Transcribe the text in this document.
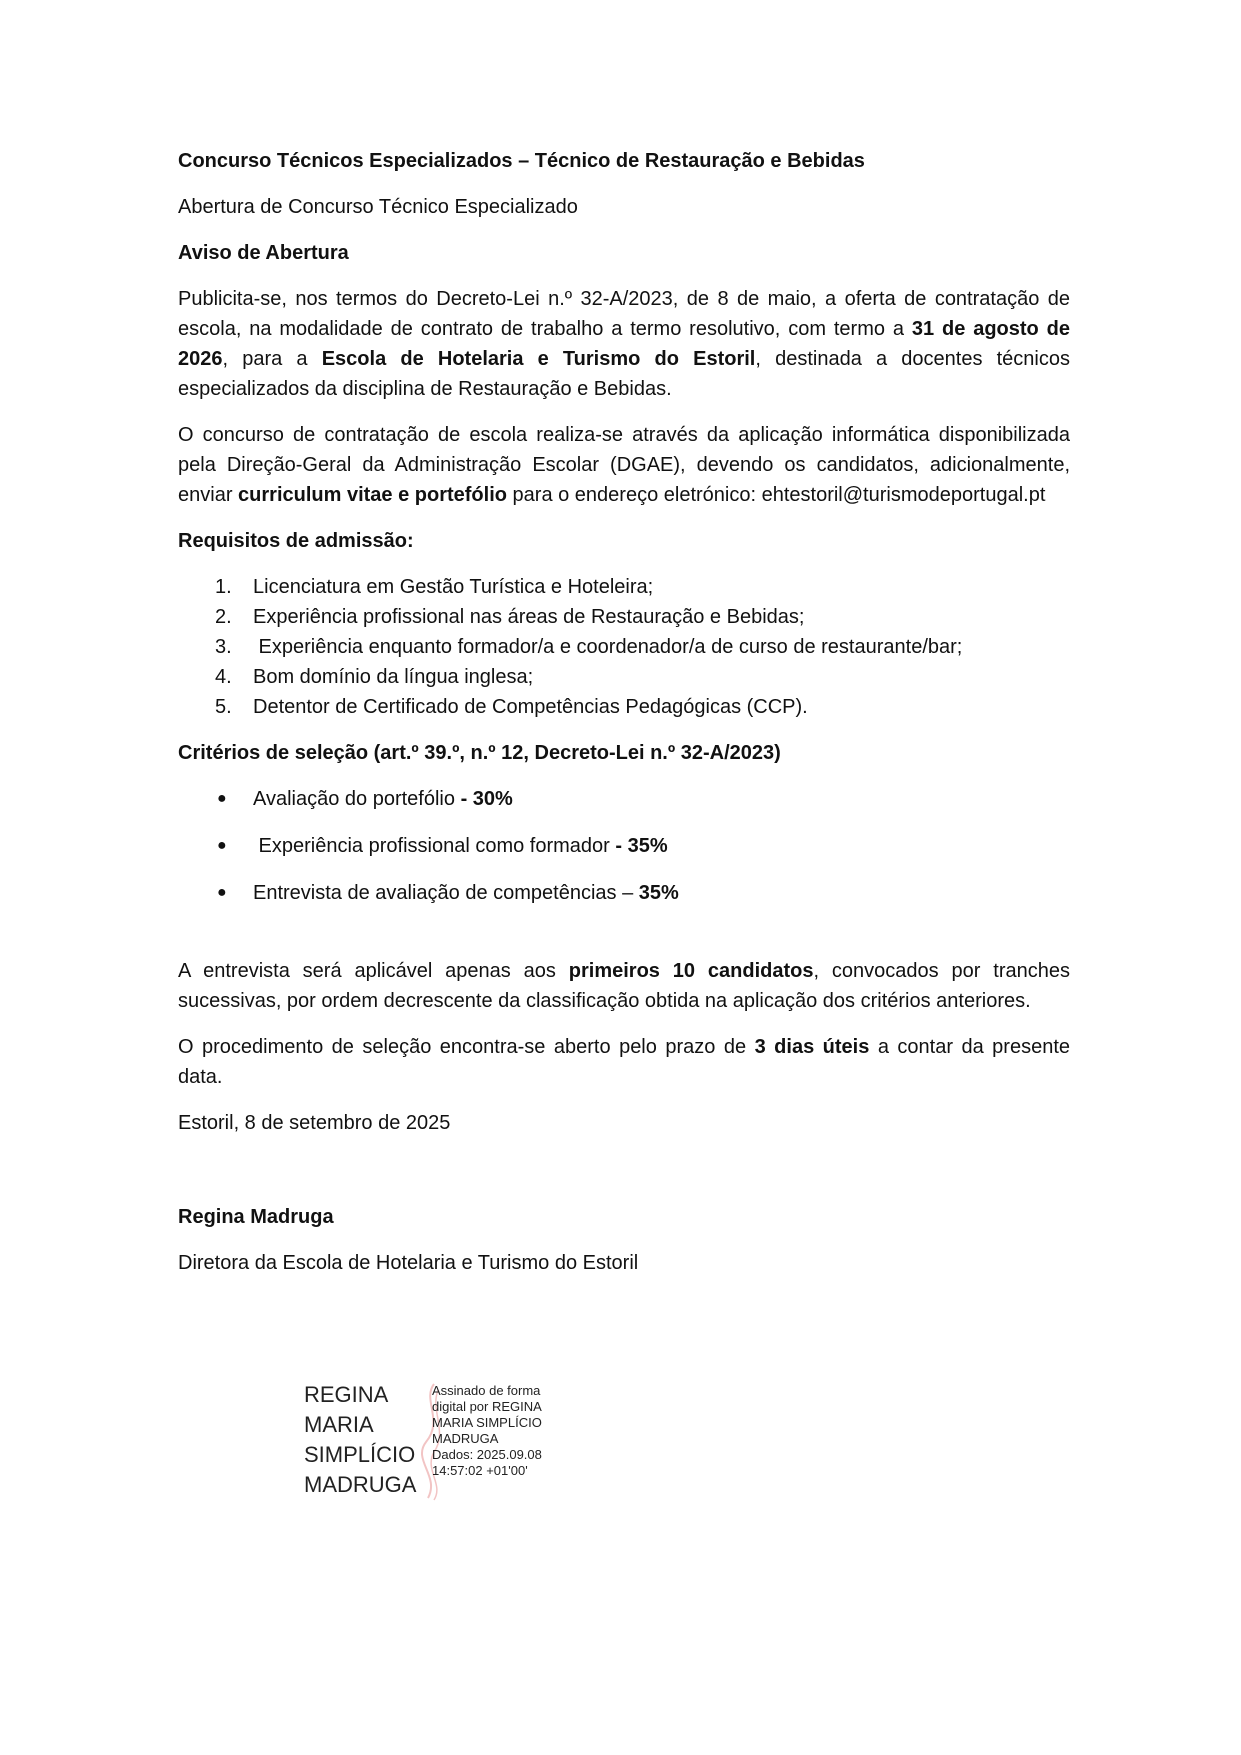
Concurso Técnicos Especializados – Técnico de Restauração e Bebidas

Abertura de Concurso Técnico Especializado

Aviso de Abertura

Publicita-se, nos termos do Decreto-Lei n.º 32-A/2023, de 8 de maio, a oferta de contratação de escola, na modalidade de contrato de trabalho a termo resolutivo, com termo a 31 de agosto de 2026, para a Escola de Hotelaria e Turismo do Estoril, destinada a docentes técnicos especializados da disciplina de Restauração e Bebidas.

O concurso de contratação de escola realiza-se através da aplicação informática disponibilizada pela Direção-Geral da Administração Escolar (DGAE), devendo os candidatos, adicionalmente, enviar curriculum vitae e portefólio para o endereço eletrónico: ehtestoril@turismodeportugal.pt

Requisitos de admissão:

1. Licenciatura em Gestão Turística e Hoteleira;
2. Experiência profissional nas áreas de Restauração e Bebidas;
3. Experiência enquanto formador/a e coordenador/a de curso de restaurante/bar;
4. Bom domínio da língua inglesa;
5. Detentor de Certificado de Competências Pedagógicas (CCP).

Critérios de seleção (art.º 39.º, n.º 12, Decreto-Lei n.º 32-A/2023)

● Avaliação do portefólio - 30%
● Experiência profissional como formador - 35%
● Entrevista de avaliação de competências – 35%

A entrevista será aplicável apenas aos primeiros 10 candidatos, convocados por tranches sucessivas, por ordem decrescente da classificação obtida na aplicação dos critérios anteriores.

O procedimento de seleção encontra-se aberto pelo prazo de 3 dias úteis a contar da presente data.

Estoril, 8 de setembro de 2025

Regina Madruga

Diretora da Escola de Hotelaria e Turismo do Estoril

REGINA
MARIA
SIMPLÍCIO
MADRUGA
Assinado de forma
digital por REGINA
MARIA SIMPLÍCIO
MADRUGA
Dados: 2025.09.08
14:57:02 +01'00'
